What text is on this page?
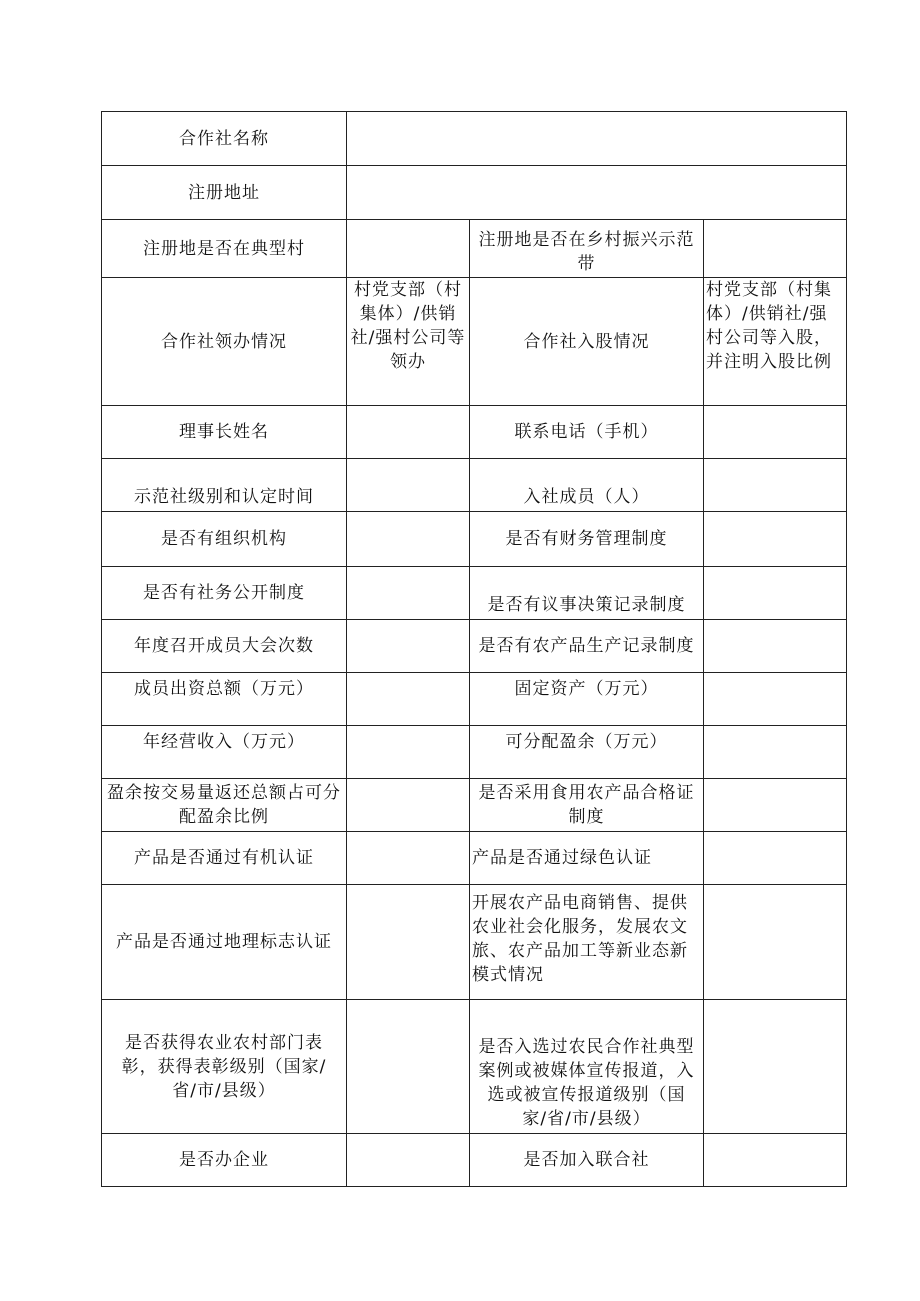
合作社名称			
注册地址			
注册地是否在典型村		注册地是否在乡村振兴示范带	
合作社领办情况	村党支部（村集体）/供销社/强村公司等领办	合作社入股情况	村党支部（村集体）/供销社/强村公司等入股，并注明入股比例
理事长姓名		联系电话（手机）	
示范社级别和认定时间		入社成员（人）	
是否有组织机构		是否有财务管理制度	
是否有社务公开制度		是否有议事决策记录制度	
年度召开成员大会次数		是否有农产品生产记录制度	
成员出资总额（万元）		固定资产（万元）	
年经营收入（万元）		可分配盈余（万元）	
盈余按交易量返还总额占可分配盈余比例		是否采用食用农产品合格证制度	
产品是否通过有机认证		产品是否通过绿色认证	
产品是否通过地理标志认证		开展农产品电商销售、提供农业社会化服务，发展农文旅、农产品加工等新业态新模式情况	
是否获得农业农村部门表彰，获得表彰级别（国家/省/市/县级）		是否入选过农民合作社典型案例或被媒体宣传报道，入选或被宣传报道级别（国家/省/市/县级）	
是否办企业		是否加入联合社	
